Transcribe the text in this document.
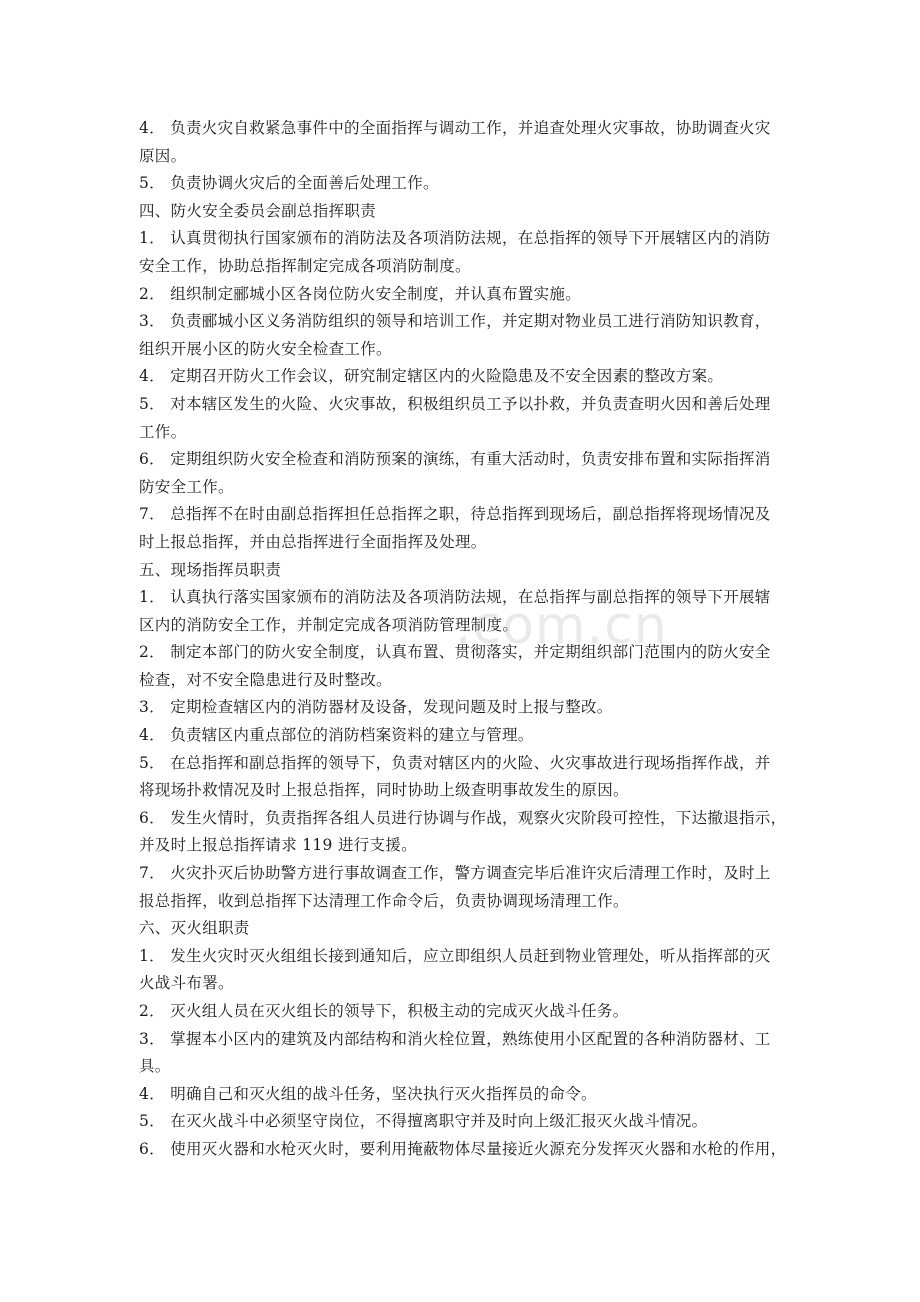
4． 负责火灾自救紧急事件中的全面指挥与调动工作，并追查处理火灾事故，协助调查火灾
原因。
5． 负责协调火灾后的全面善后处理工作。
四、防火安全委员会副总指挥职责
1． 认真贯彻执行国家颁布的消防法及各项消防法规，在总指挥的领导下开展辖区内的消防
安全工作，协助总指挥制定完成各项消防制度。
2． 组织制定郦城小区各岗位防火安全制度，并认真布置实施。
3． 负责郦城小区义务消防组织的领导和培训工作，并定期对物业员工进行消防知识教育，
组织开展小区的防火安全检查工作。
4． 定期召开防火工作会议，研究制定辖区内的火险隐患及不安全因素的整改方案。
5． 对本辖区发生的火险、火灾事故，积极组织员工予以扑救，并负责查明火因和善后处理
工作。
6． 定期组织防火安全检查和消防预案的演练，有重大活动时，负责安排布置和实际指挥消
防安全工作。
7． 总指挥不在时由副总指挥担任总指挥之职，待总指挥到现场后，副总指挥将现场情况及
时上报总指挥，并由总指挥进行全面指挥及处理。
五、现场指挥员职责
1． 认真执行落实国家颁布的消防法及各项消防法规，在总指挥与副总指挥的领导下开展辖
区内的消防安全工作，并制定完成各项消防管理制度。
2． 制定本部门的防火安全制度，认真布置、贯彻落实，并定期组织部门范围内的防火安全
检查，对不安全隐患进行及时整改。
3． 定期检查辖区内的消防器材及设备，发现问题及时上报与整改。
4． 负责辖区内重点部位的消防档案资料的建立与管理。
5． 在总指挥和副总指挥的领导下，负责对辖区内的火险、火灾事故进行现场指挥作战，并
将现场扑救情况及时上报总指挥，同时协助上级查明事故发生的原因。
6． 发生火情时，负责指挥各组人员进行协调与作战，观察火灾阶段可控性，下达撤退指示，
并及时上报总指挥请求 119 进行支援。
7． 火灾扑灭后协助警方进行事故调查工作，警方调查完毕后准许灾后清理工作时，及时上
报总指挥，收到总指挥下达清理工作命令后，负责协调现场清理工作。
六、灭火组职责
1． 发生火灾时灭火组组长接到通知后，应立即组织人员赶到物业管理处，听从指挥部的灭
火战斗布署。
2． 灭火组人员在灭火组长的领导下，积极主动的完成灭火战斗任务。
3． 掌握本小区内的建筑及内部结构和消火栓位置，熟练使用小区配置的各种消防器材、工
具。
4． 明确自己和灭火组的战斗任务，坚决执行灭火指挥员的命令。
5． 在灭火战斗中必须坚守岗位，不得擅离职守并及时向上级汇报灭火战斗情况。
6． 使用灭火器和水枪灭火时，要利用掩蔽物体尽量接近火源充分发挥灭火器和水枪的作用，
.com.cn
